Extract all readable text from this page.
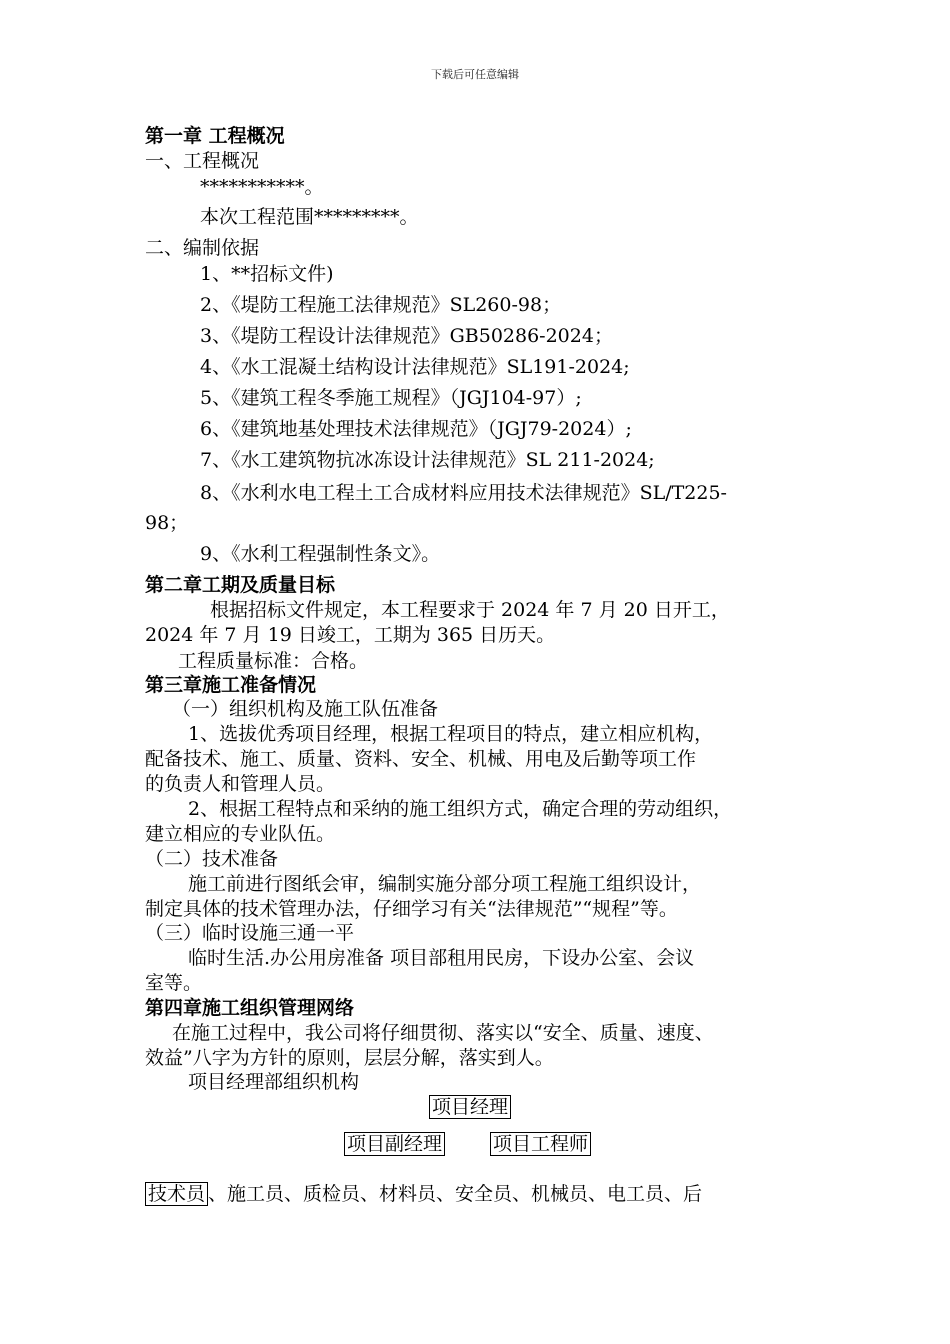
下载后可任意编辑
第一章 工程概况
一、工程概况
***********。
本次工程范围*********。
二、编制依据
1、**招标文件)
2、《堤防工程施工法律规范》SL260-98；
3、《堤防工程设计法律规范》GB50286-2024；
4、《水工混凝土结构设计法律规范》SL191-2024;
5、《建筑工程冬季施工规程》（JGJ104-97）;
6、《建筑地基处理技术法律规范》（JGJ79-2024）;
7、《水工建筑物抗冰冻设计法律规范》SL 211-2024;
8、《水利水电工程土工合成材料应用技术法律规范》SL/T225-
98；
9、《水利工程强制性条文》。
第二章工期及质量目标
根据招标文件规定，本工程要求于 2024 年 7 月 20 日开工，
2024 年 7 月 19 日竣工，工期为 365 日历天。
工程质量标准：合格。
第三章施工准备情况
（一）组织机构及施工队伍准备
1、选拔优秀项目经理，根据工程项目的特点，建立相应机构，
配备技术、施工、质量、资料、安全、机械、用电及后勤等项工作
的负责人和管理人员。
2、根据工程特点和采纳的施工组织方式，确定合理的劳动组织，
建立相应的专业队伍。
（二）技术准备
施工前进行图纸会审，编制实施分部分项工程施工组织设计，
制定具体的技术管理办法，仔细学习有关“法律规范”“规程”等。
（三）临时设施三通一平
临时生活.办公用房准备 项目部租用民房，下设办公室、会议
室等。
第四章施工组织管理网络
在施工过程中，我公司将仔细贯彻、落实以“安全、质量、速度、
效益”八字为方针的原则，层层分解，落实到人。
项目经理部组织机构
项目经理
项目副经理	项目工程师
技术员 、施工员、质检员、材料员、安全员、机械员、电工员、后
